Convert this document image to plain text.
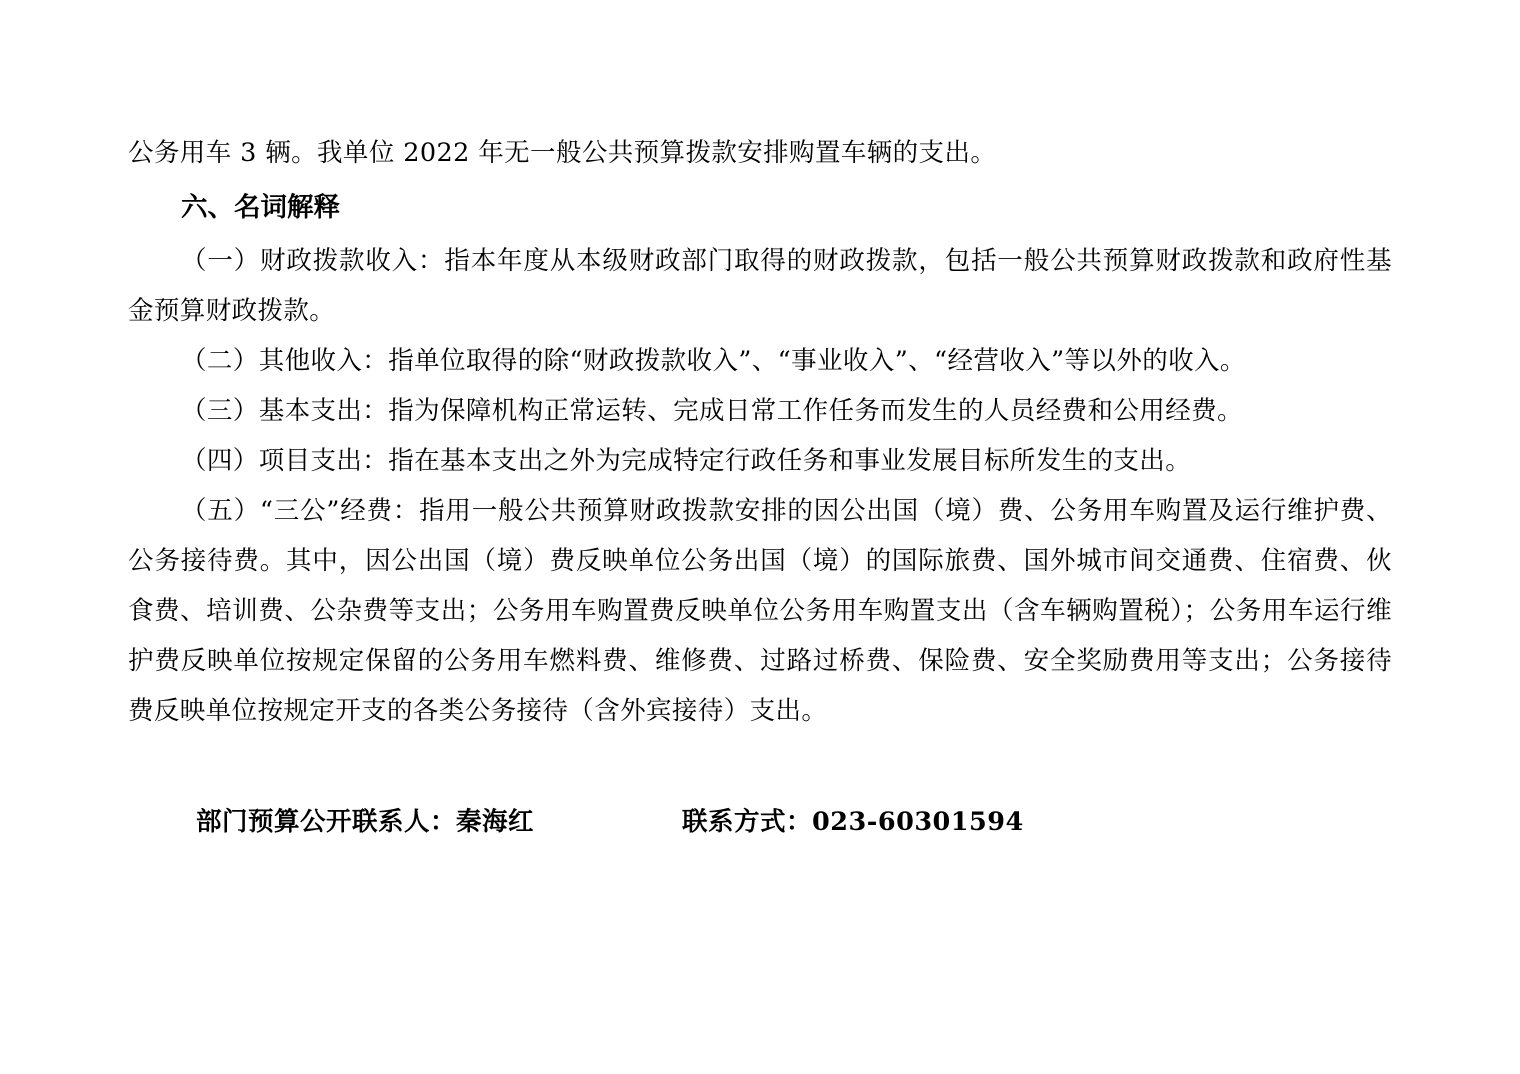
公务用车 3 辆。我单位 2022 年无一般公共预算拨款安排购置车辆的支出。

六、名词解释

（一）财政拨款收入：指本年度从本级财政部门取得的财政拨款，包括一般公共预算财政拨款和政府性基金预算财政拨款。

（二）其他收入：指单位取得的除“财政拨款收入”、“事业收入”、“经营收入”等以外的收入。

（三）基本支出：指为保障机构正常运转、完成日常工作任务而发生的人员经费和公用经费。

（四）项目支出：指在基本支出之外为完成特定行政任务和事业发展目标所发生的支出。

（五）“三公”经费：指用一般公共预算财政拨款安排的因公出国（境）费、公务用车购置及运行维护费、公务接待费。其中，因公出国（境）费反映单位公务出国（境）的国际旅费、国外城市间交通费、住宿费、伙食费、培训费、公杂费等支出；公务用车购置费反映单位公务用车购置支出（含车辆购置税）；公务用车运行维护费反映单位按规定保留的公务用车燃料费、维修费、过路过桥费、保险费、安全奖励费用等支出；公务接待费反映单位按规定开支的各类公务接待（含外宾接待）支出。

部门预算公开联系人：秦海红	联系方式：023-60301594
